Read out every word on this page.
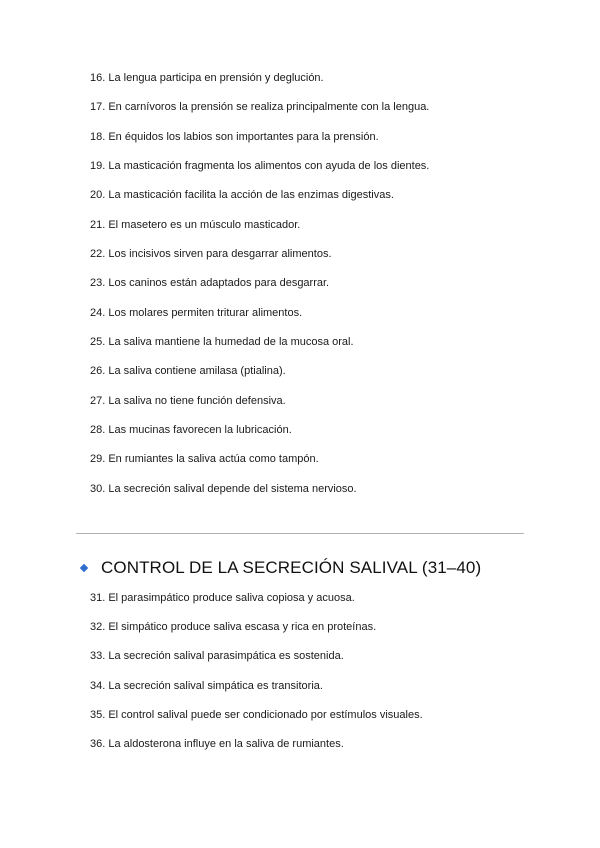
16. La lengua participa en prensión y deglución.
17. En carnívoros la prensión se realiza principalmente con la lengua.
18. En équidos los labios son importantes para la prensión.
19. La masticación fragmenta los alimentos con ayuda de los dientes.
20. La masticación facilita la acción de las enzimas digestivas.
21. El masetero es un músculo masticador.
22. Los incisivos sirven para desgarrar alimentos.
23. Los caninos están adaptados para desgarrar.
24. Los molares permiten triturar alimentos.
25. La saliva mantiene la humedad de la mucosa oral.
26. La saliva contiene amilasa (ptialina).
27. La saliva no tiene función defensiva.
28. Las mucinas favorecen la lubricación.
29. En rumiantes la saliva actúa como tampón.
30. La secreción salival depende del sistema nervioso.
CONTROL DE LA SECRECIÓN SALIVAL (31–40)
31. El parasimpático produce saliva copiosa y acuosa.
32. El simpático produce saliva escasa y rica en proteínas.
33. La secreción salival parasimpática es sostenida.
34. La secreción salival simpática es transitoria.
35. El control salival puede ser condicionado por estímulos visuales.
36. La aldosterona influye en la saliva de rumiantes.
